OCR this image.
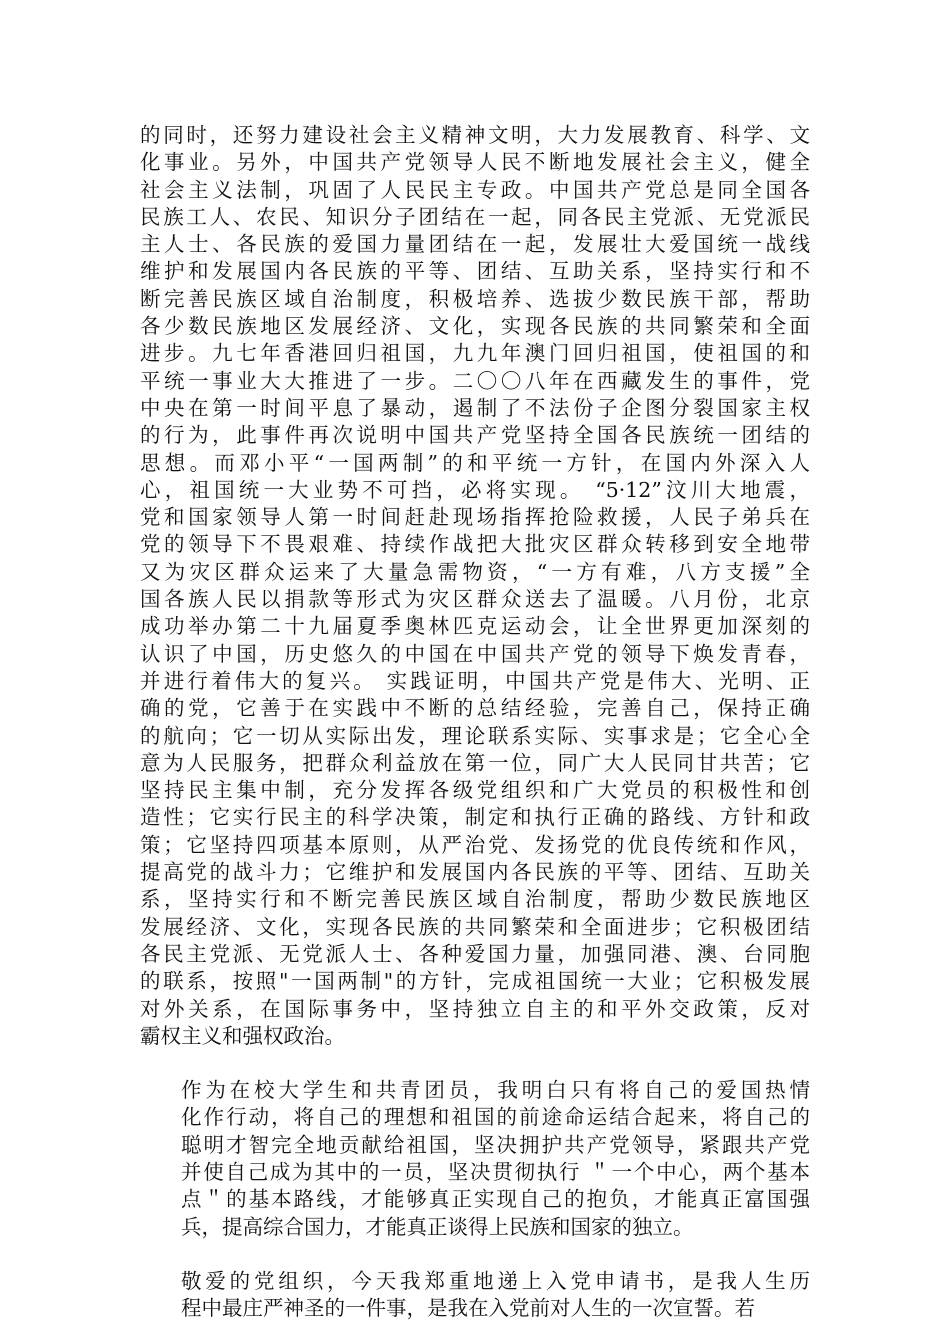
的同时，还努力建设社会主义精神文明，大力发展教育、科学、文
化事业。另外，中国共产党领导人民不断地发展社会主义，健全
社会主义法制，巩固了人民民主专政。中国共产党总是同全国各
民族工人、农民、知识分子团结在一起，同各民主党派、无党派民
主人士、各民族的爱国力量团结在一起，发展壮大爱国统一战线
维护和发展国内各民族的平等、团结、互助关系，坚持实行和不
断完善民族区域自治制度，积极培养、选拔少数民族干部，帮助
各少数民族地区发展经济、文化，实现各民族的共同繁荣和全面
进步。九七年香港回归祖国，九九年澳门回归祖国，使祖国的和
平统一事业大大推进了一步。二〇〇八年在西藏发生的事件，党
中央在第一时间平息了暴动，遏制了不法份子企图分裂国家主权
的行为，此事件再次说明中国共产党坚持全国各民族统一团结的
思想。而邓小平“一国两制”的和平统一方针，在国内外深入人
心，祖国统一大业势不可挡，必将实现。 “5·12”汶川大地震，
党和国家领导人第一时间赶赴现场指挥抢险救援，人民子弟兵在
党的领导下不畏艰难、持续作战把大批灾区群众转移到安全地带
又为灾区群众运来了大量急需物资，“一方有难，八方支援”全
国各族人民以捐款等形式为灾区群众送去了温暖。八月份，北京
成功举办第二十九届夏季奥林匹克运动会，让全世界更加深刻的
认识了中国，历史悠久的中国在中国共产党的领导下焕发青春，
并进行着伟大的复兴。 实践证明，中国共产党是伟大、光明、正
确的党，它善于在实践中不断的总结经验，完善自己，保持正确
的航向；它一切从实际出发，理论联系实际、实事求是；它全心全
意为人民服务，把群众利益放在第一位，同广大人民同甘共苦；它
坚持民主集中制，充分发挥各级党组织和广大党员的积极性和创
造性；它实行民主的科学决策，制定和执行正确的路线、方针和政
策；它坚持四项基本原则，从严治党、发扬党的优良传统和作风，
提高党的战斗力；它维护和发展国内各民族的平等、团结、互助关
系，坚持实行和不断完善民族区域自治制度，帮助少数民族地区
发展经济、文化，实现各民族的共同繁荣和全面进步；它积极团结
各民主党派、无党派人士、各种爱国力量，加强同港、澳、台同胞
的联系，按照"一国两制"的方针，完成祖国统一大业；它积极发展
对外关系，在国际事务中，坚持独立自主的和平外交政策，反对
霸权主义和强权政治。
作为在校大学生和共青团员，我明白只有将自己的爱国热情
化作行动，将自己的理想和祖国的前途命运结合起来，将自己的
聪明才智完全地贡献给祖国，坚决拥护共产党领导，紧跟共产党
并使自己成为其中的一员，坚决贯彻执行 ＂一个中心，两个基本
点＂的基本路线，才能够真正实现自己的抱负，才能真正富国强
兵，提高综合国力，才能真正谈得上民族和国家的独立。
敬爱的党组织，今天我郑重地递上入党申请书，是我人生历
程中最庄严神圣的一件事，是我在入党前对人生的一次宣誓。若
